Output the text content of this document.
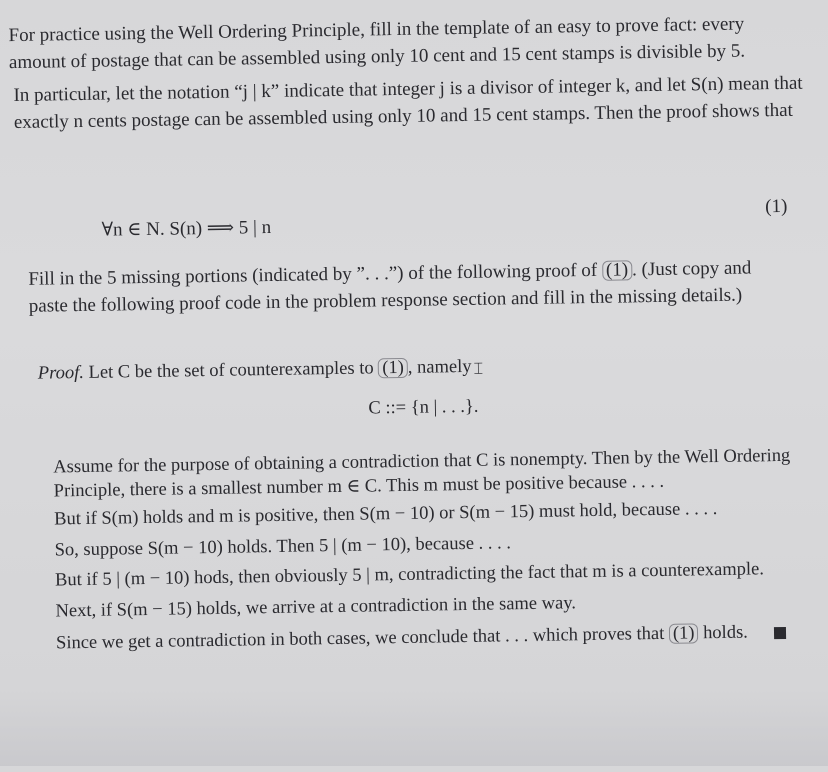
For practice using the Well Ordering Principle, fill in the template of an easy to prove fact: every amount of postage that can be assembled using only 10 cent and 15 cent stamps is divisible by 5.

In particular, let the notation “j | k” indicate that integer j is a divisor of integer k, and let S(n) mean that exactly n cents postage can be assembled using only 10 and 15 cent stamps. Then the proof shows that

∀n ∈ N. S(n) ⟹ 5 | n
(1)

Fill in the 5 missing portions (indicated by ”. . .”) of the following proof of (1) . (Just copy and paste the following proof code in the problem response section and fill in the missing details.)

Proof. Let C be the set of counterexamples to (1) , namely ⌶
C ::= {n | . . .}.
Assume for the purpose of obtaining a contradiction that C is nonempty. Then by the Well Ordering
Principle, there is a smallest number m ∈ C. This m must be positive because . . . .
But if S(m) holds and m is positive, then S(m − 10) or S(m − 15) must hold, because . . . .
So, suppose S(m − 10) holds. Then 5 | (m − 10), because . . . .
But if 5 | (m − 10) hods, then obviously 5 | m, contradicting the fact that m is a counterexample.
Next, if S(m − 15) holds, we arrive at a contradiction in the same way.
Since we get a contradiction in both cases, we conclude that . . . which proves that (1) holds.
